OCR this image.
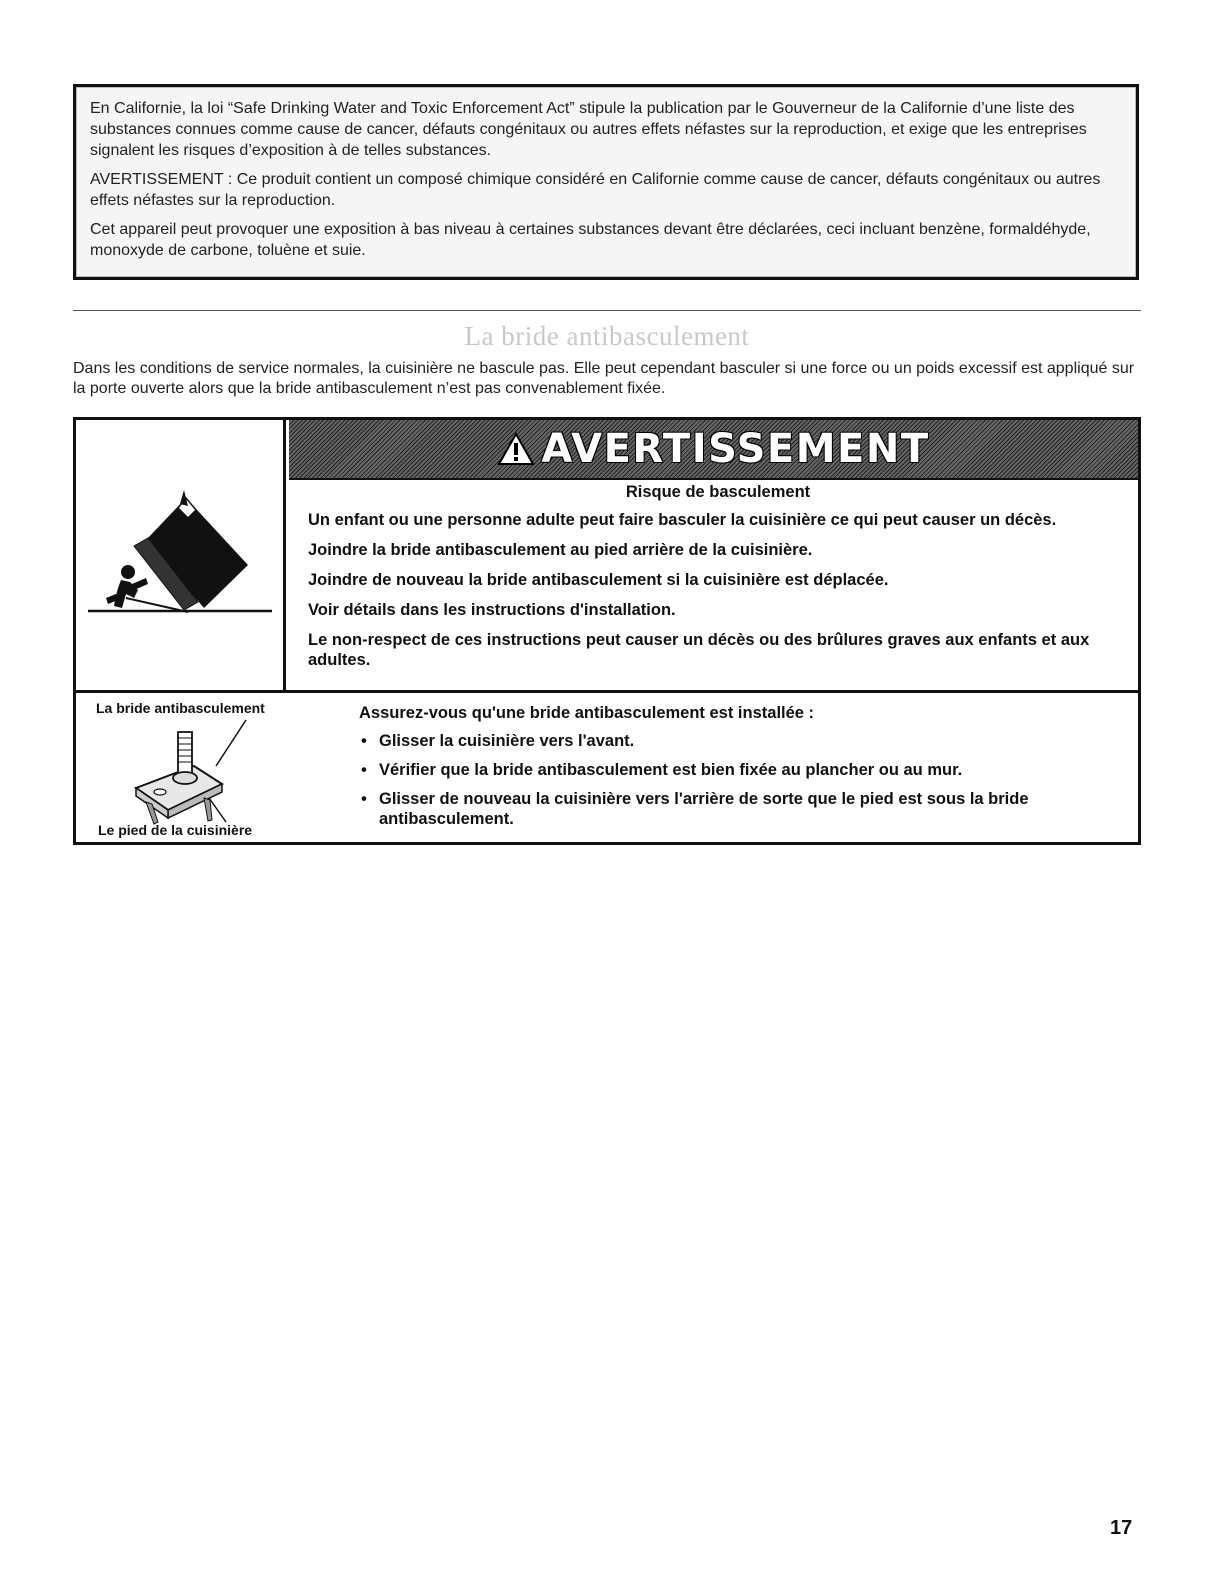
En Californie, la loi “Safe Drinking Water and Toxic Enforcement Act” stipule la publication par le Gouverneur de la Californie d’une liste des substances connues comme cause de cancer, défauts congénitaux ou autres effets néfastes sur la reproduction, et exige que les entreprises signalent les risques d’exposition à de telles substances.

AVERTISSEMENT : Ce produit contient un composé chimique considéré en Californie comme cause de cancer, défauts congénitaux ou autres effets néfastes sur la reproduction.

Cet appareil peut provoquer une exposition à bas niveau à certaines substances devant être déclarées, ceci incluant benzène, formaldéhyde, monoxyde de carbone, toluène et suie.

La bride antibasculement

Dans les conditions de service normales, la cuisinière ne bascule pas. Elle peut cependant basculer si une force ou un poids excessif est appliqué sur la porte ouverte alors que la bride antibasculement n’est pas convenablement fixée.

AVERTISSEMENT

Risque de basculement

Un enfant ou une personne adulte peut faire basculer la cuisinière ce qui peut causer un décès.

Joindre la bride antibasculement au pied arrière de la cuisinière.

Joindre de nouveau la bride antibasculement si la cuisinière est déplacée.

Voir détails dans les instructions d'installation.

Le non-respect de ces instructions peut causer un décès ou des brûlures graves aux enfants et aux adultes.

La bride antibasculement
Le pied de la cuisinière

Assurez-vous qu'une bride antibasculement est installée :

• Glisser la cuisinière vers l'avant.
• Vérifier que la bride antibasculement est bien fixée au plancher ou au mur.
• Glisser de nouveau la cuisinière vers l'arrière de sorte que le pied est sous la bride antibasculement.
17
